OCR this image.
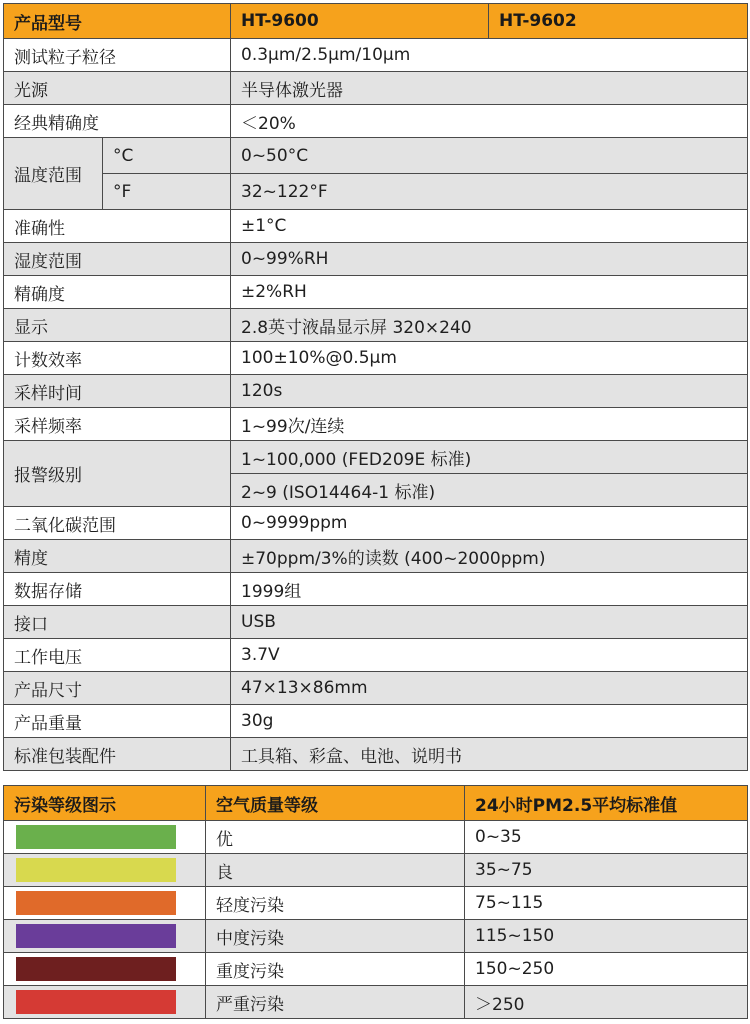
产品型号		HT-9600	HT-9602
测试粒子粒径		0.3μm/2.5μm/10μm	
光源		半导体激光器	
经典精确度		＜20%	
温度范围	°C	0~50°C	
	°F	32~122°F	
准确性		±1°C	
湿度范围		0~99%RH	
精确度		±2%RH	
显示		2.8英寸液晶显示屏 320×240	
计数效率		100±10%@0.5μm	
采样时间		120s	
采样频率		1~99次/连续	
报警级别		1~100,000 (FED209E 标准)	
		2~9 (ISO14464-1 标准)	
二氧化碳范围		0~9999ppm	
精度		±70ppm/3%的读数 (400~2000ppm)	
数据存储		1999组	
接口		USB	
工作电压		3.7V	
产品尺寸		47×13×86mm	
产品重量		30g	
标准包装配件		工具箱、彩盒、电池、说明书	
污染等级图示	空气质量等级	24小时PM2.5平均标准值

	优	0~35

	良	35~75

	轻度污染	75~115

	中度污染	115~150

	重度污染	150~250

	严重污染	＞250
